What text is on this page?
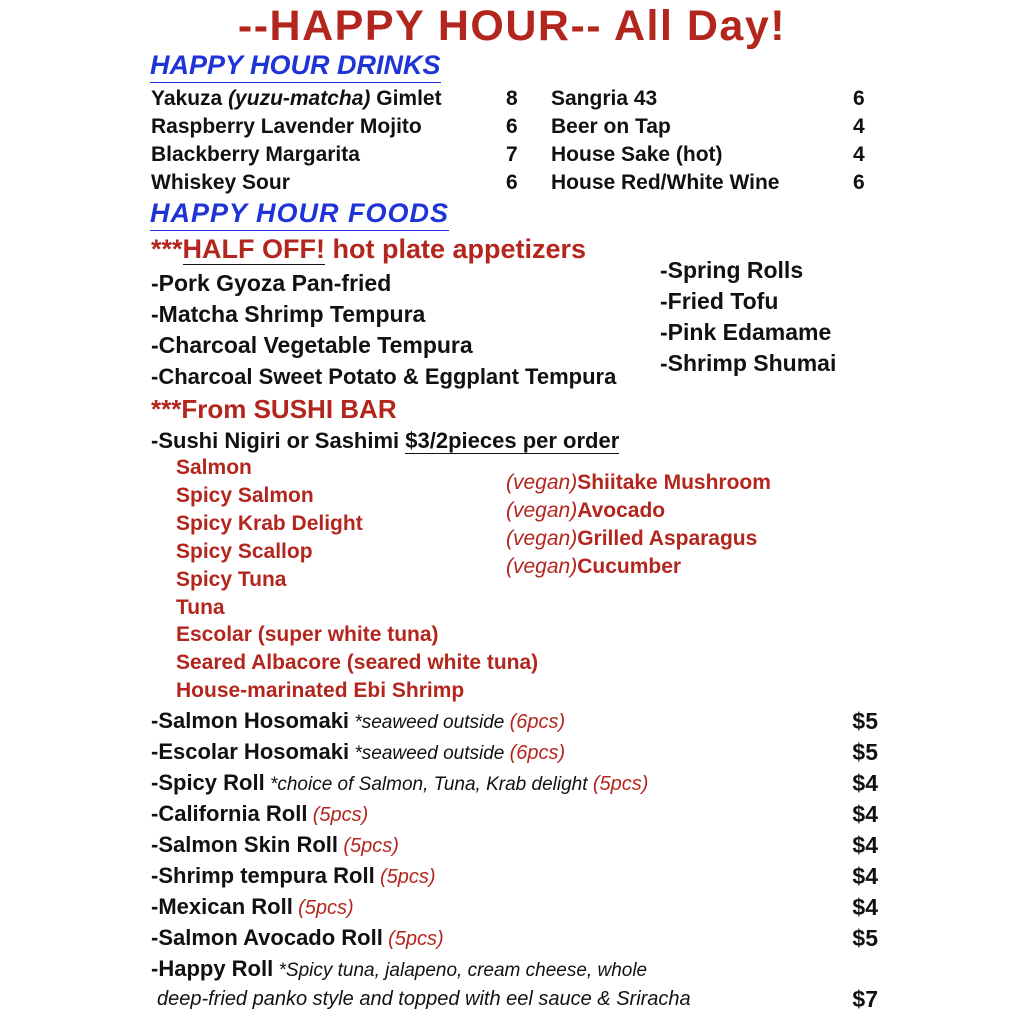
--HAPPY HOUR-- All Day!
HAPPY HOUR DRINKS
Yakuza (yuzu-matcha) Gimlet	8
Raspberry Lavender Mojito	6
Blackberry Margarita	7
Whiskey Sour	6
Sangria 43	6
Beer on Tap	4
House Sake (hot)	4
House Red/White Wine	6
HAPPY HOUR FOODS
***HALF OFF! hot plate appetizers
-Pork Gyoza Pan-fried
-Matcha Shrimp Tempura
-Charcoal Vegetable Tempura
-Charcoal Sweet Potato & Eggplant Tempura
-Spring Rolls
-Fried Tofu
-Pink Edamame
-Shrimp Shumai
***From SUSHI BAR
-Sushi Nigiri or Sashimi $3/2pieces per order
Salmon
Spicy Salmon
Spicy Krab Delight
Spicy Scallop
Spicy Tuna
Tuna
Escolar (super white tuna)
Seared Albacore (seared white tuna)
House-marinated Ebi Shrimp
(vegan)Shiitake Mushroom
(vegan)Avocado
(vegan)Grilled Asparagus
(vegan)Cucumber
-Salmon Hosomaki *seaweed outside (6pcs)	$5
-Escolar Hosomaki *seaweed outside (6pcs)	$5
-Spicy Roll *choice of Salmon, Tuna, Krab delight (5pcs)	$4
-California Roll (5pcs)	$4
-Salmon Skin Roll (5pcs)	$4
-Shrimp tempura Roll (5pcs)	$4
-Mexican Roll (5pcs)	$4
-Salmon Avocado Roll (5pcs)	$5
-Happy Roll *Spicy tuna, jalapeno, cream cheese, whole
deep-fried panko style and topped with eel sauce & Sriracha	$7
